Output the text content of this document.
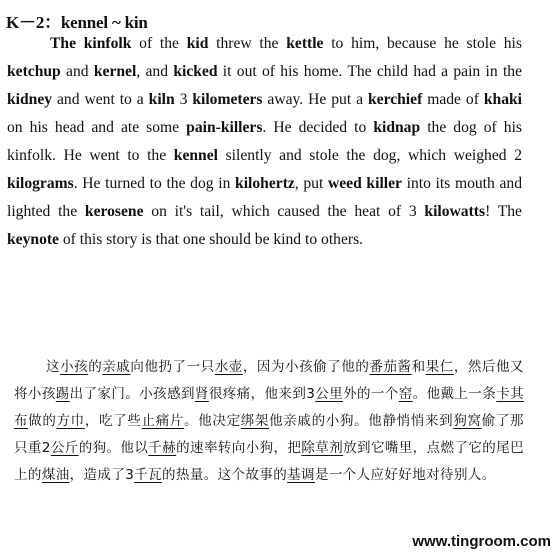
K－2：kennel ~ kin

The kinfolk of the kid threw the kettle to him, because he stole his ketchup and kernel, and kicked it out of his home. The child had a pain in the kidney and went to a kiln 3 kilometers away. He put a kerchief made of khaki on his head and ate some pain-killers. He decided to kidnap the dog of his kinfolk. He went to the kennel silently and stole the dog, which weighed 2 kilograms. He turned to the dog in kilohertz, put weed killer into its mouth and lighted the kerosene on it's tail, which caused the heat of 3 kilowatts! The keynote of this story is that one should be kind to others.

这小孩的亲戚向他扔了一只水壶，因为小孩偷了他的番茄酱和果仁，然后他又将小孩踢出了家门。小孩感到肾很疼痛，他来到3公里外的一个窑。他戴上一条卡其布做的方巾，吃了些止痛片。他决定绑架他亲戚的小狗。他静悄悄来到狗窝偷了那只重2公斤的狗。他以千赫的速率转向小狗，把除草剂放到它嘴里，点燃了它的尾巴上的煤油，造成了3千瓦的热量。这个故事的基调是一个人应好好地对待别人。

www.tingroom.com
